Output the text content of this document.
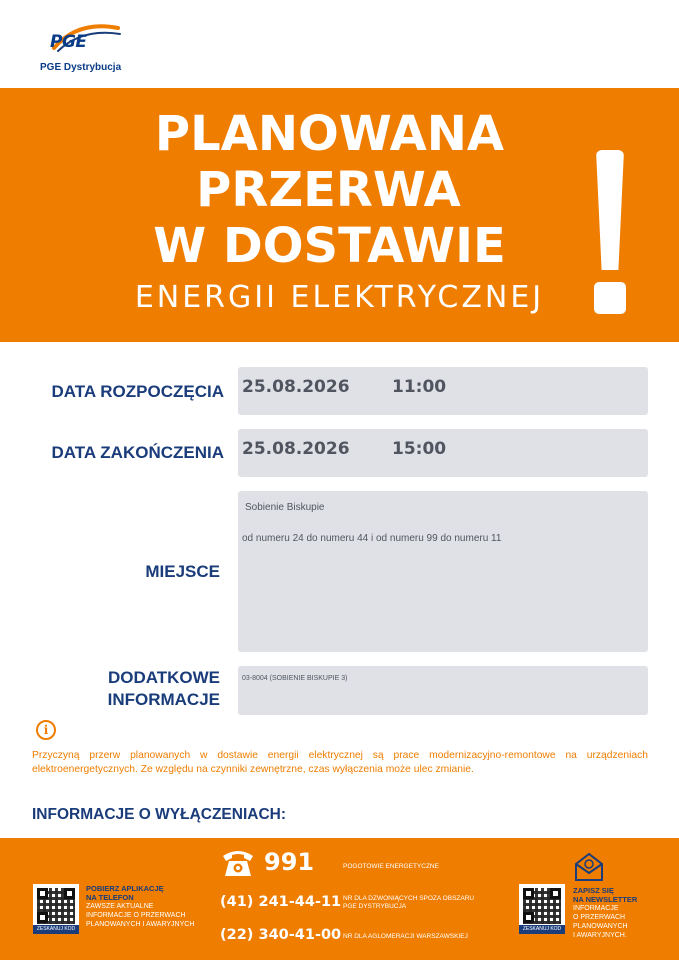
PGE
PGE Dystrybucja
PLANOWANA
PRZERWA
W DOSTAWIE
ENERGII ELEKTRYCZNEJ
DATA ROZPOCZĘCIA 25.08.2026 11:00
DATA ZAKOŃCZENIA 25.08.2026 15:00
MIEJSCE
Sobienie Biskupie
od numeru 24 do numeru 44 i od numeru 99 do numeru 11
DODATKOWE
INFORMACJE
03-8004 (SOBIENIE BISKUPIE 3)
i
Przyczyną przerw planowanych w dostawie energii elektrycznej są prace modernizacyjno-remontowe na urządzeniach elektroenergetycznych. Ze względu na czynniki zewnętrzne, czas wyłączenia może ulec zmianie.
INFORMACJE O WYŁĄCZENIACH:
ZESKANUJ KOD
POBIERZ APLIKACJĘ
NA TELEFON
ZAWSZE AKTUALNE
INFORMACJE O PRZERWACH
PLANOWANYCH I AWARYJNYCH
991	POGOTOWIE ENERGETYCZNE
(41) 241-44-11 NR DLA DZWONIĄCYCH SPOZA OBSZARU
PGE DYSTRYBUCJA
(22) 340-41-00 NR DLA AGLOMERACJI WARSZAWSKIEJ
ZESKANUJ KOD
ZAPISZ SIĘ
NA NEWSLETTER
INFORMACJE
O PRZERWACH
PLANOWANYCH
I AWARYJNYCH.
